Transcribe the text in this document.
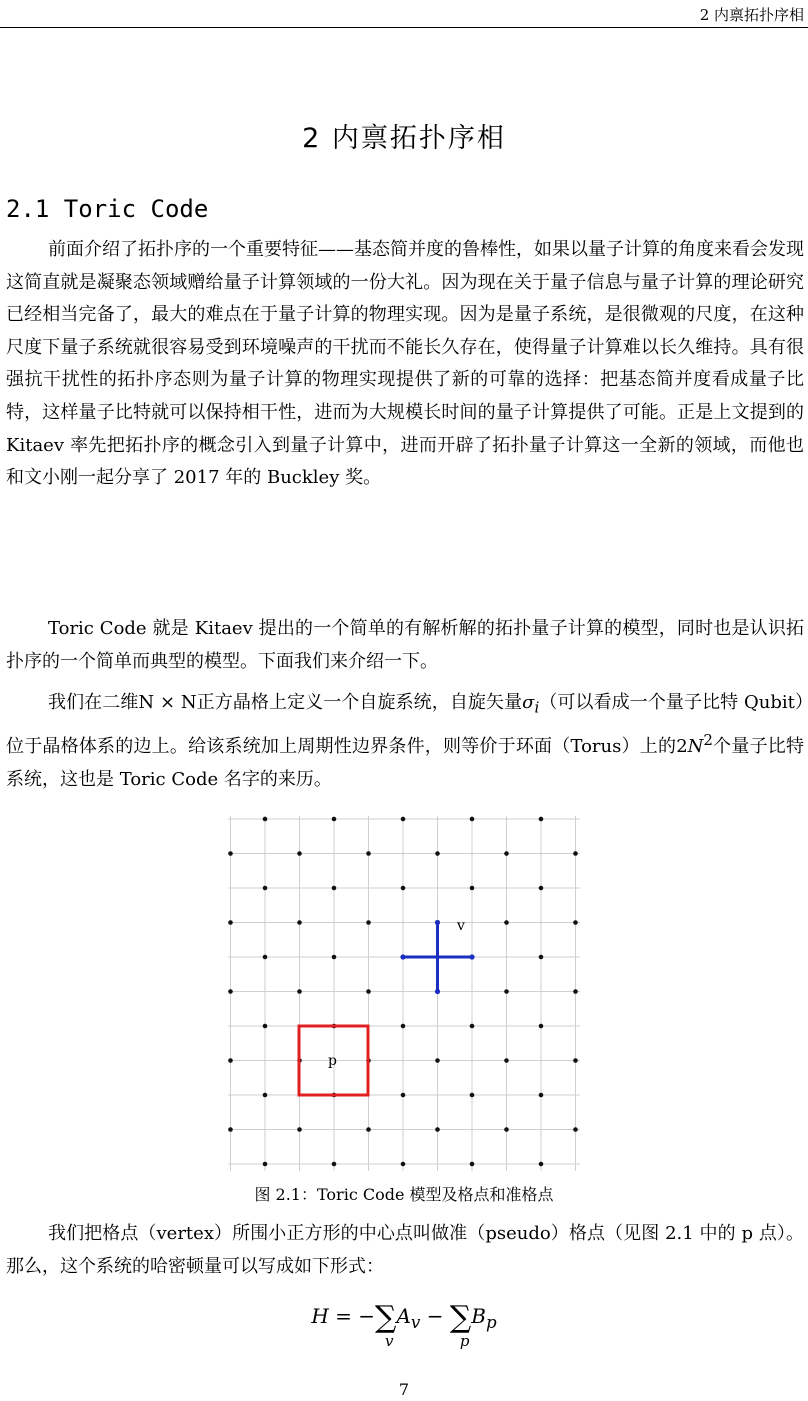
2 内禀拓扑序相
2 内禀拓扑序相
2.1 Toric Code

前面介绍了拓扑序的一个重要特征——基态简并度的鲁棒性，如果以量子计算的角度来看会发现这简直就是凝聚态领域赠给量子计算领域的一份大礼。因为现在关于量子信息与量子计算的理论研究已经相当完备了，最大的难点在于量子计算的物理实现。因为是量子系统，是很微观的尺度，在这种尺度下量子系统就很容易受到环境噪声的干扰而不能长久存在，使得量子计算难以长久维持。具有很强抗干扰性的拓扑序态则为量子计算的物理实现提供了新的可靠的选择：把基态简并度看成量子比特，这样量子比特就可以保持相干性，进而为大规模长时间的量子计算提供了可能。正是上文提到的 Kitaev 率先把拓扑序的概念引入到量子计算中，进而开辟了拓扑量子计算这一全新的领域，而他也和文小刚一起分享了 2017 年的 Buckley 奖。

Toric Code 就是 Kitaev 提出的一个简单的有解析解的拓扑量子计算的模型，同时也是认识拓扑序的一个简单而典型的模型。下面我们来介绍一下。

我们在二维N × N正方晶格上定义一个自旋系统，自旋矢量$\sigma_i$（可以看成一个量子比特 Qubit）位于晶格体系的边上。给该系统加上周期性边界条件，则等价于环面（Torus）上的$2N^2$个量子比特系统，这也是 Toric Code 名字的来历。

v
p
图 2.1：Toric Code 模型及格点和准格点

我们把格点（vertex）所围小正方形的中心点叫做准（pseudo）格点（见图 2.1 中的 p 点）。那么，这个系统的哈密顿量可以写成如下形式：

H = −∑
v
$A_v$ − ∑
p
$B_p$
7
